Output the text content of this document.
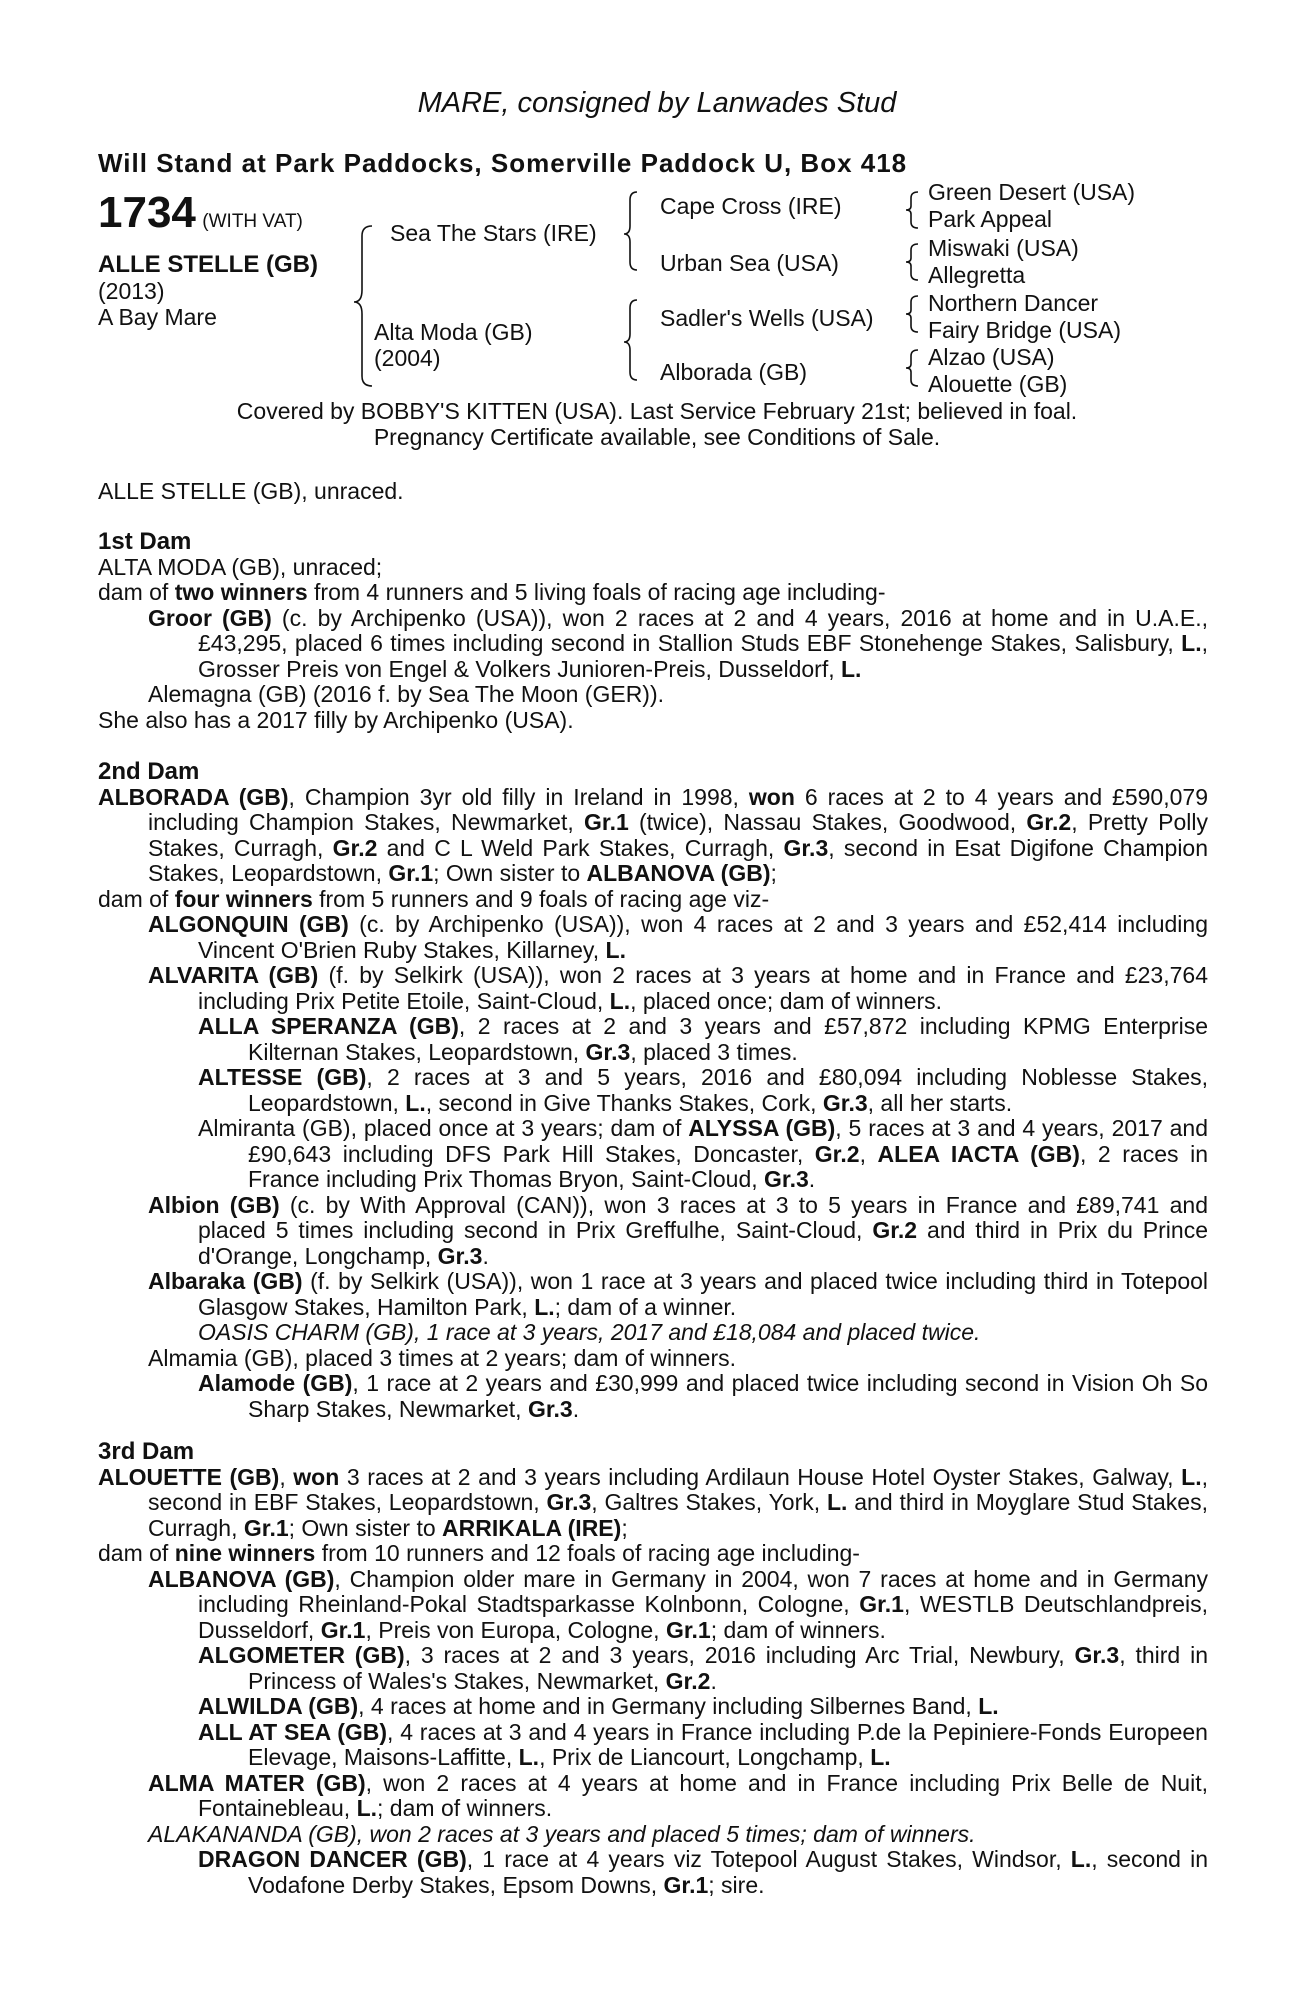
MARE, consigned by Lanwades Stud
Will Stand at Park Paddocks, Somerville Paddock U, Box 418
1734 (WITH VAT)
ALLE STELLE (GB)
(2013)
A Bay Mare
Sea The Stars (IRE)
Alta Moda (GB)
(2004)
Cape Cross (IRE)
Urban Sea (USA)
Sadler's Wells (USA)
Alborada (GB)
Green Desert (USA)
Park Appeal
Miswaki (USA)
Allegretta
Northern Dancer
Fairy Bridge (USA)
Alzao (USA)
Alouette (GB)
Covered by BOBBY'S KITTEN (USA). Last Service February 21st; believed in foal.
Pregnancy Certificate available, see Conditions of Sale.
ALLE STELLE (GB), unraced.
1st Dam

ALTA MODA (GB), unraced;

dam of two winners from 4 runners and 5 living foals of racing age including-

Groor (GB) (c. by Archipenko (USA)), won 2 races at 2 and 4 years, 2016 at home and in U.A.E., £43,295, placed 6 times including second in Stallion Studs EBF Stonehenge Stakes, Salisbury, L., Grosser Preis von Engel & Volkers Junioren-Preis, Dusseldorf, L.

Alemagna (GB) (2016 f. by Sea The Moon (GER)).

She also has a 2017 filly by Archipenko (USA).

2nd Dam

ALBORADA (GB), Champion 3yr old filly in Ireland in 1998, won 6 races at 2 to 4 years and £590,079 including Champion Stakes, Newmarket, Gr.1 (twice), Nassau Stakes, Goodwood, Gr.2, Pretty Polly Stakes, Curragh, Gr.2 and C L Weld Park Stakes, Curragh, Gr.3, second in Esat Digifone Champion Stakes, Leopardstown, Gr.1; Own sister to ALBANOVA (GB);

dam of four winners from 5 runners and 9 foals of racing age viz-

ALGONQUIN (GB) (c. by Archipenko (USA)), won 4 races at 2 and 3 years and £52,414 including Vincent O'Brien Ruby Stakes, Killarney, L.

ALVARITA (GB) (f. by Selkirk (USA)), won 2 races at 3 years at home and in France and £23,764 including Prix Petite Etoile, Saint-Cloud, L., placed once; dam of winners.

ALLA SPERANZA (GB), 2 races at 2 and 3 years and £57,872 including KPMG Enterprise Kilternan Stakes, Leopardstown, Gr.3, placed 3 times.

ALTESSE (GB), 2 races at 3 and 5 years, 2016 and £80,094 including Noblesse Stakes, Leopardstown, L., second in Give Thanks Stakes, Cork, Gr.3, all her starts.

Almiranta (GB), placed once at 3 years; dam of ALYSSA (GB), 5 races at 3 and 4 years, 2017 and £90,643 including DFS Park Hill Stakes, Doncaster, Gr.2, ALEA IACTA (GB), 2 races in France including Prix Thomas Bryon, Saint-Cloud, Gr.3.

Albion (GB) (c. by With Approval (CAN)), won 3 races at 3 to 5 years in France and £89,741 and placed 5 times including second in Prix Greffulhe, Saint-Cloud, Gr.2 and third in Prix du Prince d'Orange, Longchamp, Gr.3.

Albaraka (GB) (f. by Selkirk (USA)), won 1 race at 3 years and placed twice including third in Totepool Glasgow Stakes, Hamilton Park, L.; dam of a winner.

OASIS CHARM (GB), 1 race at 3 years, 2017 and £18,084 and placed twice.

Almamia (GB), placed 3 times at 2 years; dam of winners.

Alamode (GB), 1 race at 2 years and £30,999 and placed twice including second in Vision Oh So Sharp Stakes, Newmarket, Gr.3.

3rd Dam

ALOUETTE (GB), won 3 races at 2 and 3 years including Ardilaun House Hotel Oyster Stakes, Galway, L., second in EBF Stakes, Leopardstown, Gr.3, Galtres Stakes, York, L. and third in Moyglare Stud Stakes, Curragh, Gr.1; Own sister to ARRIKALA (IRE);

dam of nine winners from 10 runners and 12 foals of racing age including-

ALBANOVA (GB), Champion older mare in Germany in 2004, won 7 races at home and in Germany including Rheinland-Pokal Stadtsparkasse Kolnbonn, Cologne, Gr.1, WESTLB Deutschlandpreis, Dusseldorf, Gr.1, Preis von Europa, Cologne, Gr.1; dam of winners.

ALGOMETER (GB), 3 races at 2 and 3 years, 2016 including Arc Trial, Newbury, Gr.3, third in Princess of Wales's Stakes, Newmarket, Gr.2.

ALWILDA (GB), 4 races at home and in Germany including Silbernes Band, L.

ALL AT SEA (GB), 4 races at 3 and 4 years in France including P.de la Pepiniere-Fonds Europeen Elevage, Maisons-Laffitte, L., Prix de Liancourt, Longchamp, L.

ALMA MATER (GB), won 2 races at 4 years at home and in France including Prix Belle de Nuit, Fontainebleau, L.; dam of winners.

ALAKANANDA (GB), won 2 races at 3 years and placed 5 times; dam of winners.

DRAGON DANCER (GB), 1 race at 4 years viz Totepool August Stakes, Windsor, L., second in Vodafone Derby Stakes, Epsom Downs, Gr.1; sire.
